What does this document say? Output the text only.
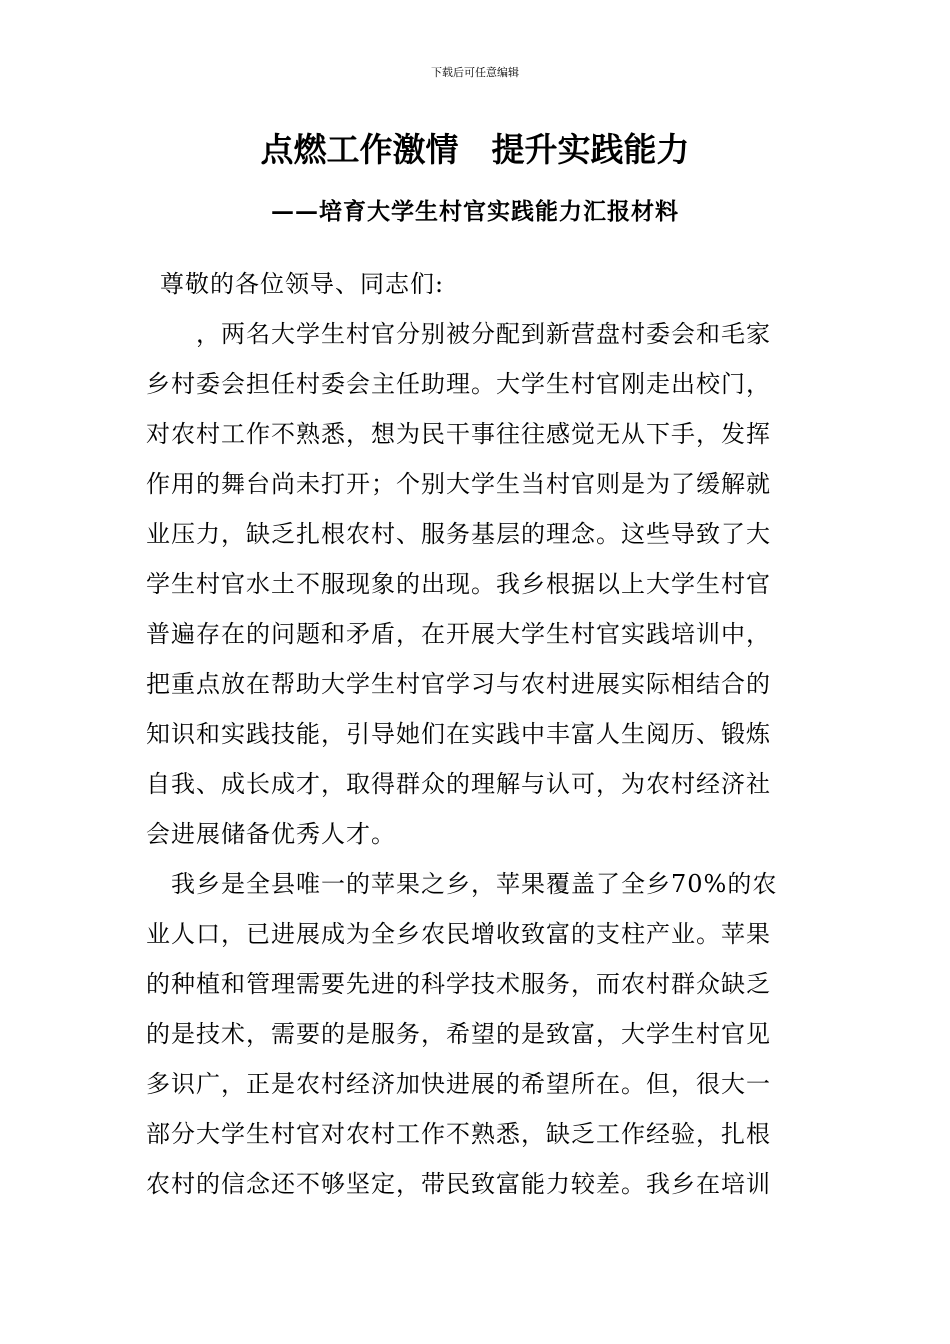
下载后可任意编辑
点燃工作激情　提升实践能力
——培育大学生村官实践能力汇报材料
尊敬的各位领导、同志们:
　　，两名大学生村官分别被分配到新营盘村委会和毛家
乡村委会担任村委会主任助理。大学生村官刚走出校门，
对农村工作不熟悉，想为民干事往往感觉无从下手，发挥
作用的舞台尚未打开；个别大学生当村官则是为了缓解就
业压力，缺乏扎根农村、服务基层的理念。这些导致了大
学生村官水土不服现象的出现。我乡根据以上大学生村官
普遍存在的问题和矛盾，在开展大学生村官实践培训中，
把重点放在帮助大学生村官学习与农村进展实际相结合的
知识和实践技能，引导她们在实践中丰富人生阅历、锻炼
自我、成长成才，取得群众的理解与认可，为农村经济社
会进展储备优秀人才。
　我乡是全县唯一的苹果之乡，苹果覆盖了全乡70%的农
业人口，已进展成为全乡农民增收致富的支柱产业。苹果
的种植和管理需要先进的科学技术服务，而农村群众缺乏
的是技术，需要的是服务，希望的是致富，大学生村官见
多识广，正是农村经济加快进展的希望所在。但，很大一
部分大学生村官对农村工作不熟悉，缺乏工作经验，扎根
农村的信念还不够坚定，带民致富能力较差。我乡在培训
